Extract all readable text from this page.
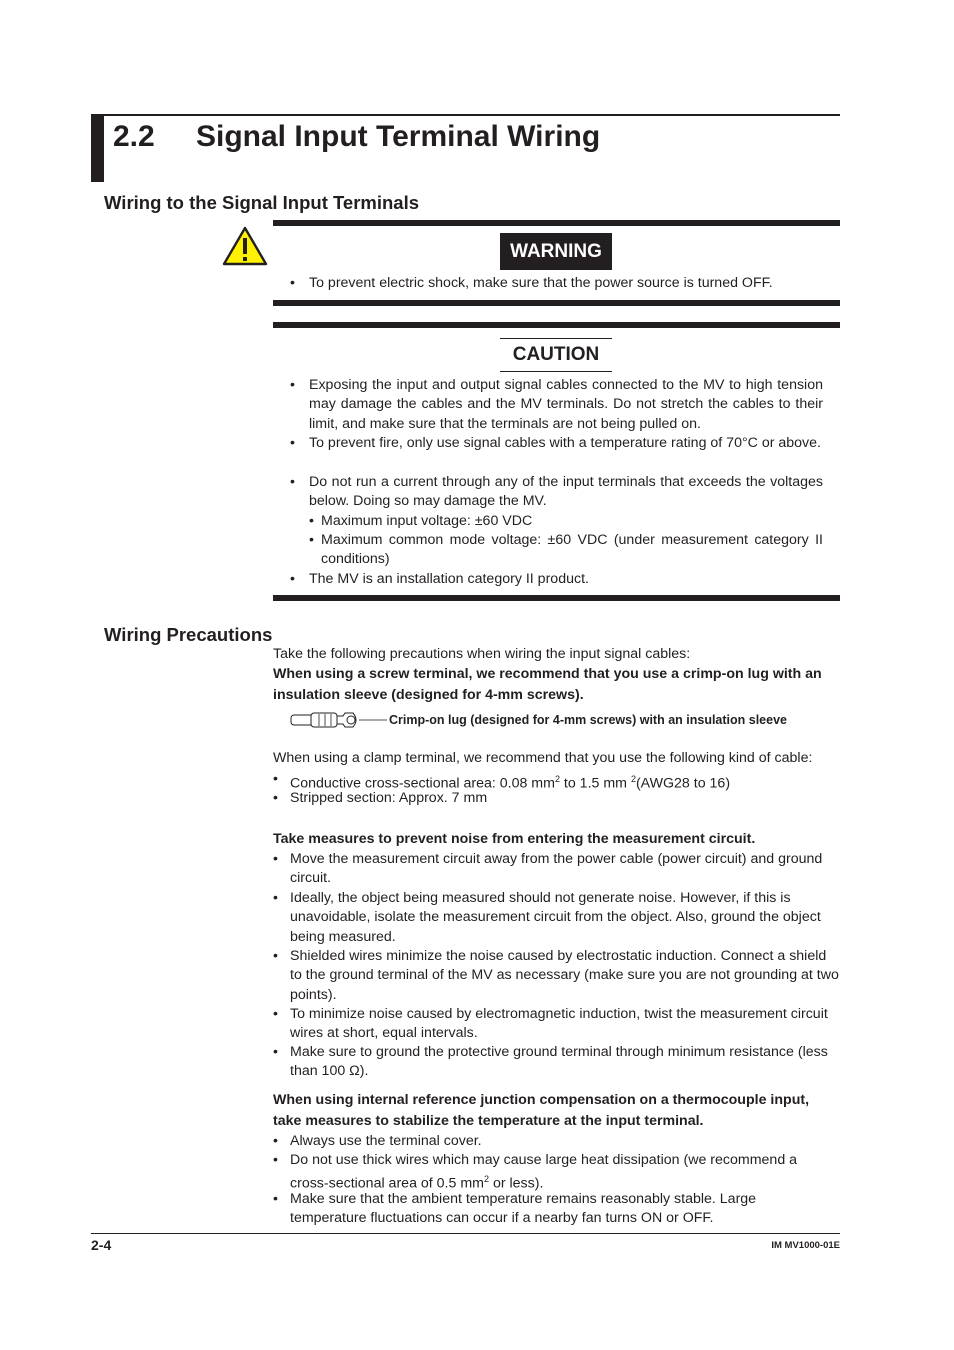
2.2 Signal Input Terminal Wiring
Wiring to the Signal Input Terminals
WARNING
• To prevent electric shock, make sure that the power source is turned OFF.

CAUTION
• Exposing the input and output signal cables connected to the MV to high tension may damage the cables and the MV terminals. Do not stretch the cables to their limit, and make sure that the terminals are not being pulled on.

• To prevent fire, only use signal cables with a temperature rating of 70°C or above.

• Do not run a current through any of the input terminals that exceeds the voltages below. Doing so may damage the MV.

• Maximum input voltage: ±60 VDC

• Maximum common mode voltage: ±60 VDC (under measurement category II conditions)

• The MV is an installation category II product.

Wiring Precautions

Take the following precautions when wiring the input signal cables:

When using a screw terminal, we recommend that you use a crimp-on lug with an insulation sleeve (designed for 4-mm screws).

Crimp-on lug (designed for 4-mm screws) with an insulation sleeve

When using a clamp terminal, we recommend that you use the following kind of cable:

• Conductive cross-sectional area: 0.08 $mm^2$ to 1.5 mm $^2$(AWG28 to 16)

• Stripped section: Approx. 7 mm

Take measures to prevent noise from entering the measurement circuit.
• Move the measurement circuit away from the power cable (power circuit) and ground circuit.

• Ideally, the object being measured should not generate noise. However, if this is unavoidable, isolate the measurement circuit from the object. Also, ground the object being measured.

• Shielded wires minimize the noise caused by electrostatic induction. Connect a shield to the ground terminal of the MV as necessary (make sure you are not grounding at two points).

• To minimize noise caused by electromagnetic induction, twist the measurement circuit wires at short, equal intervals.

• Make sure to ground the protective ground terminal through minimum resistance (less than 100 Ω).

When using internal reference junction compensation on a thermocouple input, take measures to stabilize the temperature at the input terminal.
• Always use the terminal cover.

• Do not use thick wires which may cause large heat dissipation (we recommend a cross-sectional area of 0.5 $mm^2$ or less).

• Make sure that the ambient temperature remains reasonably stable. Large temperature fluctuations can occur if a nearby fan turns ON or OFF.

2-4	IM MV1000-01E
